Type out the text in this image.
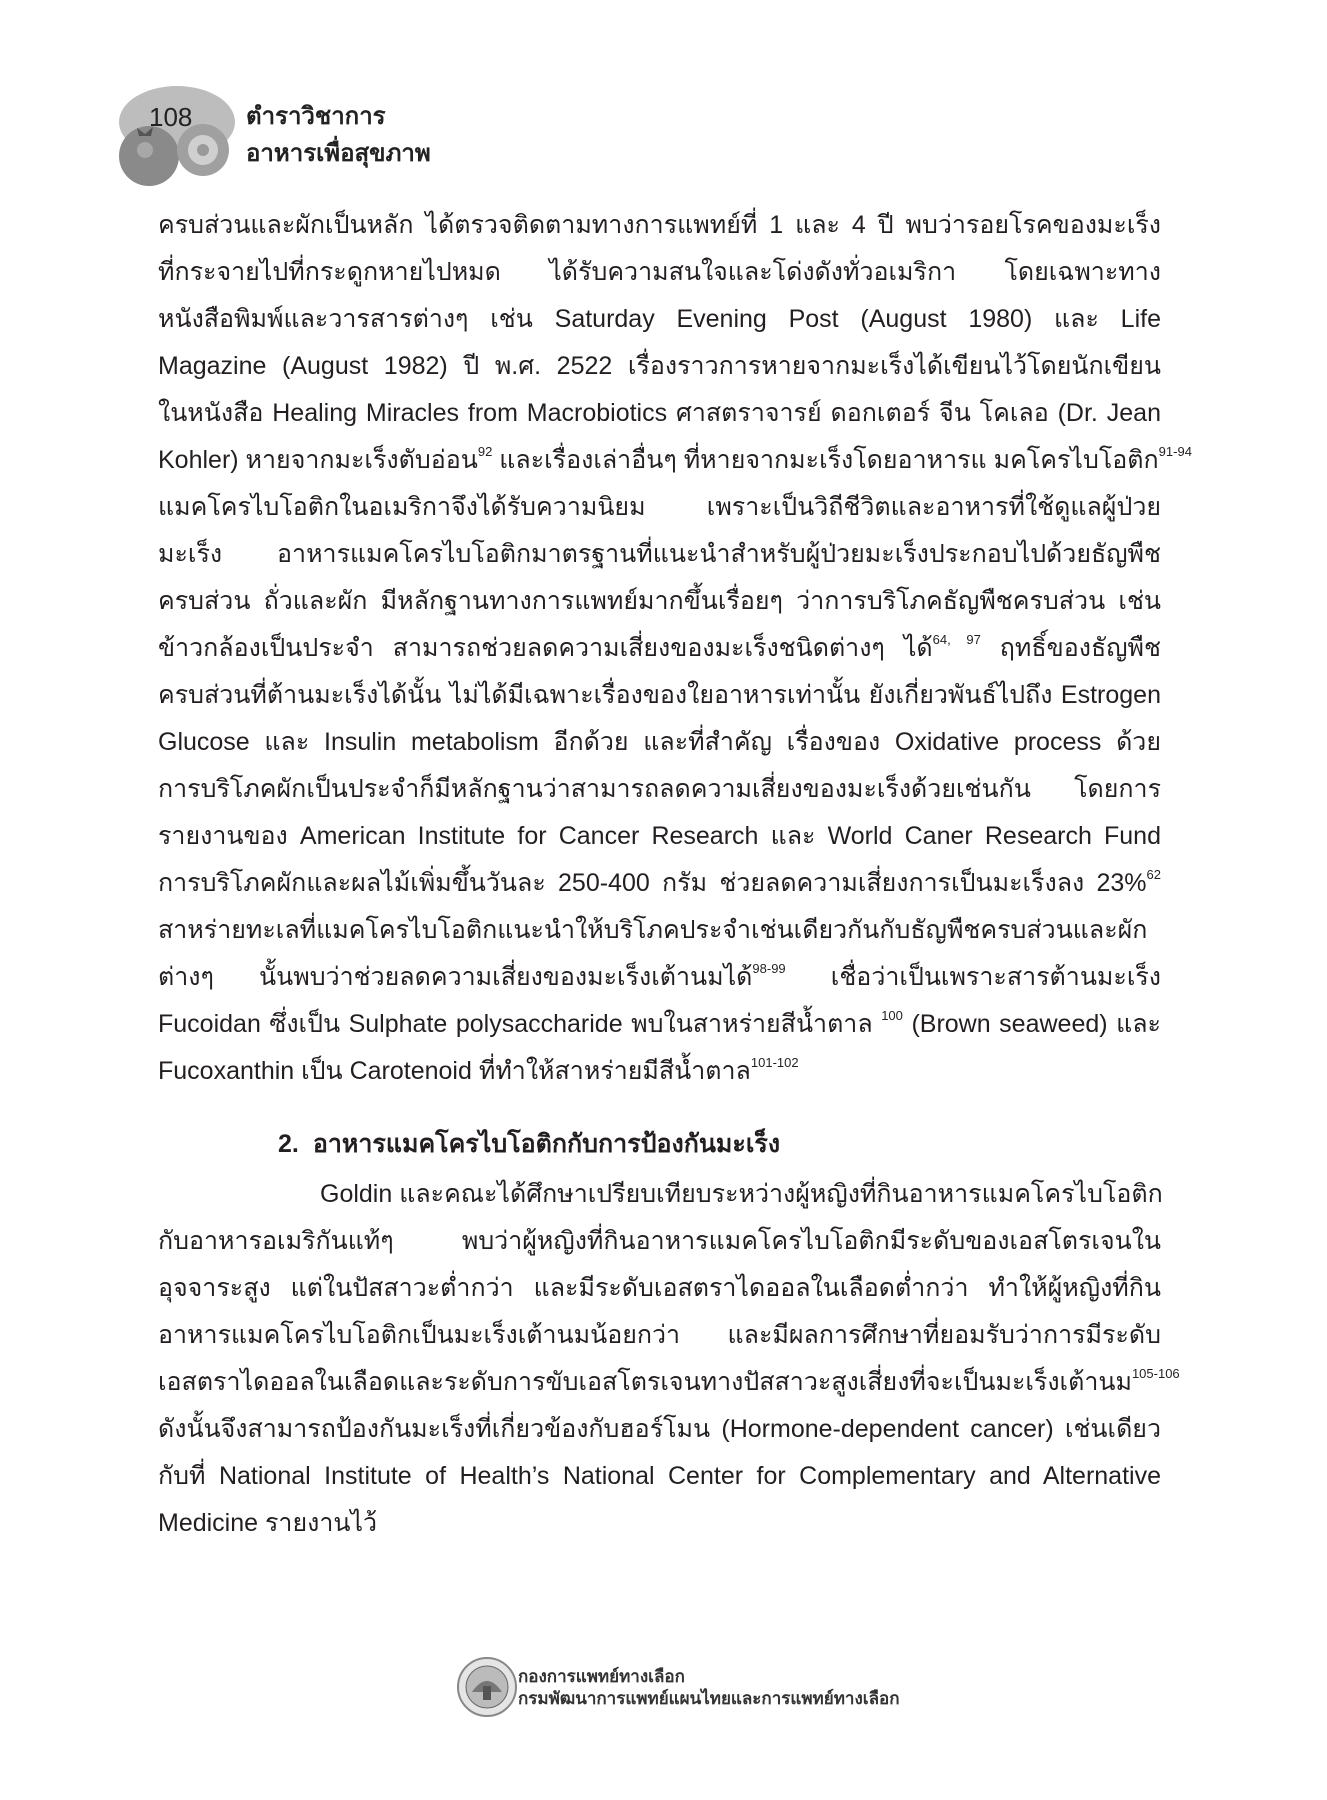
108 ตำราวิชาการ
อาหารเพื่อสุขภาพ
ครบส่วนและผักเป็นหลัก ได้ตรวจติดตามทางการแพทย์ที่ 1 และ 4 ปี พบว่ารอยโรคของมะเร็ง
ที่กระจายไปที่กระดูกหายไปหมด ได้รับความสนใจและโด่งดังทั่วอเมริกา โดยเฉพาะทาง
หนังสือพิมพ์และวารสารต่างๆ เช่น Saturday Evening Post (August 1980) และ Life
Magazine (August 1982) ปี พ.ศ. 2522 เรื่องราวการหายจากมะเร็งได้เขียนไว้โดยนักเขียน
ในหนังสือ Healing Miracles from Macrobiotics ศาสตราจารย์ ดอกเตอร์ จีน โคเลอ (Dr. Jean
Kohler) หายจากมะเร็งตับอ่อน$^{92}$ และเรื่องเล่าอื่นๆ ที่หายจากมะเร็งโดยอาหารแ มคโครไบโอติก$^{91-94}$
แมคโครไบโอติกในอเมริกาจึงได้รับความนิยม เพราะเป็นวิถีชีวิตและอาหารที่ใช้ดูแลผู้ป่วย
มะเร็ง อาหารแมคโครไบโอติกมาตรฐานที่แนะนำสำหรับผู้ป่วยมะเร็งประกอบไปด้วยธัญพืช
ครบส่วน ถั่วและผัก มีหลักฐานทางการแพทย์มากขึ้นเรื่อยๆ ว่าการบริโภคธัญพืชครบส่วน เช่น
ข้าวกล้องเป็นประจำ สามารถช่วยลดความเสี่ยงของมะเร็งชนิดต่างๆ ได้$^{64, 97}$ ฤทธิ์ของธัญพืช
ครบส่วนที่ต้านมะเร็งได้นั้น ไม่ได้มีเฉพาะเรื่องของใยอาหารเท่านั้น ยังเกี่ยวพันธ์ไปถึง Estrogen
Glucose และ Insulin metabolism อีกด้วย และที่สำคัญ เรื่องของ Oxidative process ด้วย
การบริโภคผักเป็นประจำก็มีหลักฐานว่าสามารถลดความเสี่ยงของมะเร็งด้วยเช่นกัน โดยการ
รายงานของ American Institute for Cancer Research และ World Caner Research Fund
การบริโภคผักและผลไม้เพิ่มขึ้นวันละ 250-400 กรัม ช่วยลดความเสี่ยงการเป็นมะเร็งลง 23%$^{62}$
สาหร่ายทะเลที่แมคโครไบโอติกแนะนำให้บริโภคประจำเช่นเดียวกันกับธัญพืชครบส่วนและผัก
ต่างๆ นั้นพบว่าช่วยลดความเสี่ยงของมะเร็งเต้านมได้$^{98-99}$ เชื่อว่าเป็นเพราะสารต้านมะเร็ง
Fucoidan ซึ่งเป็น Sulphate polysaccharide พบในสาหร่ายสีน้ำตาล $^{100}$ (Brown seaweed) และ
Fucoxanthin เป็น Carotenoid ที่ทำให้สาหร่ายมีสีน้ำตาล$^{101-102}$
2. อาหารแมคโครไบโอติกกับการป้องกันมะเร็ง
Goldin และคณะได้ศึกษาเปรียบเทียบระหว่างผู้หญิงที่กินอาหารแมคโครไบโอติก
กับอาหารอเมริกันแท้ๆ พบว่าผู้หญิงที่กินอาหารแมคโครไบโอติกมีระดับของเอสโตรเจนใน
อุจจาระสูง แต่ในปัสสาวะต่ำกว่า และมีระดับเอสตราไดออลในเลือดต่ำกว่า ทำให้ผู้หญิงที่กิน
อาหารแมคโครไบโอติกเป็นมะเร็งเต้านมน้อยกว่า และมีผลการศึกษาที่ยอมรับว่าการมีระดับ
เอสตราไดออลในเลือดและระดับการขับเอสโตรเจนทางปัสสาวะสูงเสี่ยงที่จะเป็นมะเร็งเต้านม$^{105-106}$
ดังนั้นจึงสามารถป้องกันมะเร็งที่เกี่ยวข้องกับฮอร์โมน (Hormone-dependent cancer) เช่นเดียว
กับที่ National Institute of Health’s National Center for Complementary and Alternative
Medicine รายงานไว้
กองการแพทย์ทางเลือก
กรมพัฒนาการแพทย์แผนไทยและการแพทย์ทางเลือก
